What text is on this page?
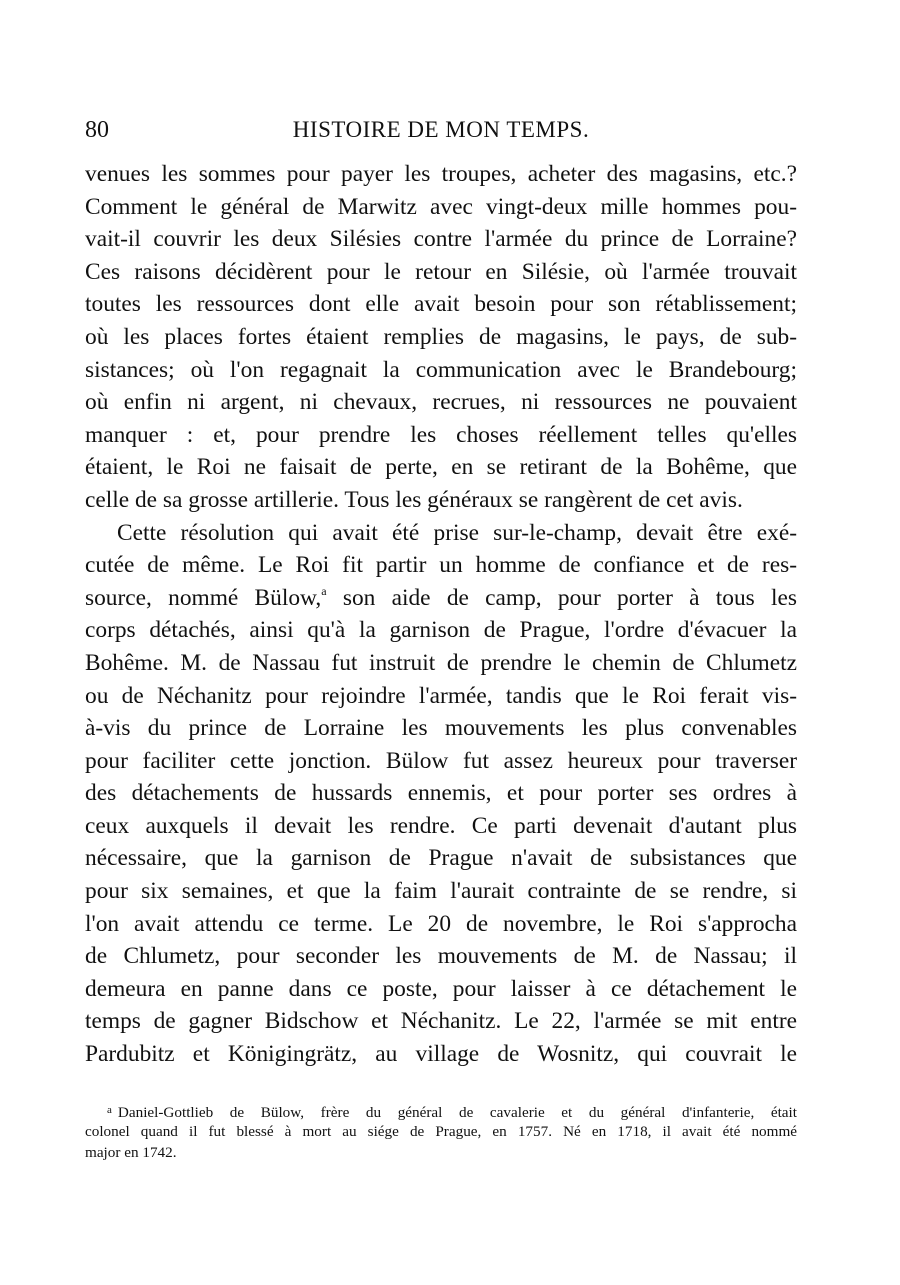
80	HISTOIRE DE MON TEMPS.
venues les sommes pour payer les troupes, acheter des magasins, etc.?
Comment le général de Marwitz avec vingt-deux mille hommes pou-
vait-il couvrir les deux Silésies contre l'armée du prince de Lorraine?
Ces raisons décidèrent pour le retour en Silésie, où l'armée trouvait
toutes les ressources dont elle avait besoin pour son rétablissement;
où les places fortes étaient remplies de magasins, le pays, de sub-
sistances; où l'on regagnait la communication avec le Brandebourg;
où enfin ni argent, ni chevaux, recrues, ni ressources ne pouvaient
manquer : et, pour prendre les choses réellement telles qu'elles
étaient, le Roi ne faisait de perte, en se retirant de la Bohême, que
celle de sa grosse artillerie. Tous les généraux se rangèrent de cet avis.
Cette résolution qui avait été prise sur-le-champ, devait être exé-
cutée de même. Le Roi fit partir un homme de confiance et de res-
source, nommé Bülow,$^a$ son aide de camp, pour porter à tous les
corps détachés, ainsi qu'à la garnison de Prague, l'ordre d'évacuer la
Bohême. M. de Nassau fut instruit de prendre le chemin de Chlumetz
ou de Néchanitz pour rejoindre l'armée, tandis que le Roi ferait vis-
à-vis du prince de Lorraine les mouvements les plus convenables
pour faciliter cette jonction. Bülow fut assez heureux pour traverser
des détachements de hussards ennemis, et pour porter ses ordres à
ceux auxquels il devait les rendre. Ce parti devenait d'autant plus
nécessaire, que la garnison de Prague n'avait de subsistances que
pour six semaines, et que la faim l'aurait contrainte de se rendre, si
l'on avait attendu ce terme. Le 20 de novembre, le Roi s'approcha
de Chlumetz, pour seconder les mouvements de M. de Nassau; il
demeura en panne dans ce poste, pour laisser à ce détachement le
temps de gagner Bidschow et Néchanitz. Le 22, l'armée se mit entre
Pardubitz et Königingrätz, au village de Wosnitz, qui couvrait le
$^a$ Daniel-Gottlieb de Bülow, frère du général de cavalerie et du général d'infanterie, était
colonel quand il fut blessé à mort au siége de Prague, en 1757. Né en 1718, il avait été nommé
major en 1742.
